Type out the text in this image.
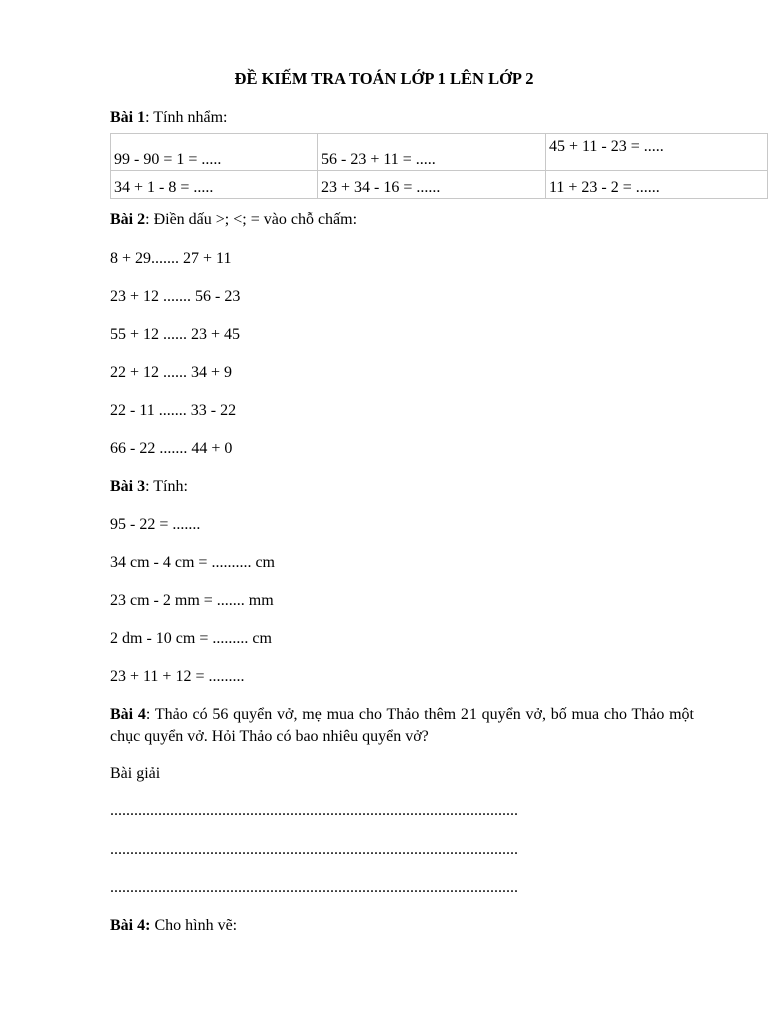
ĐỀ KIẾM TRA TOÁN LỚP 1 LÊN LỚP 2
Bài 1: Tính nhẩm:
99 - 90 = 1 = .....	56 - 23 + 11 = .....	45 + 11 - 23 = .....
34 + 1 - 8 = .....	23 + 34 - 16 = ......	11 + 23 - 2 = ......
Bài 2: Điền dấu >; <; = vào chỗ chấm:
8 + 29....... 27 + 11
23 + 12 ....... 56 - 23
55 + 12 ...... 23 + 45
22 + 12 ...... 34 + 9
22 - 11 ....... 33 - 22
66 - 22 ....... 44 + 0
Bài 3: Tính:
95 - 22 = .......
34 cm - 4 cm = .......... cm
23 cm - 2 mm = ....... mm
2 dm - 10 cm = ......... cm
23 + 11 + 12 = .........
Bài 4: Thảo có 56 quyển vở, mẹ mua cho Thảo thêm 21 quyển vở, bố mua cho Thảo một chục quyển vở. Hỏi Thảo có bao nhiêu quyển vở?
Bài giải
......................................................................................................
......................................................................................................
......................................................................................................
Bài 4: Cho hình vẽ:
